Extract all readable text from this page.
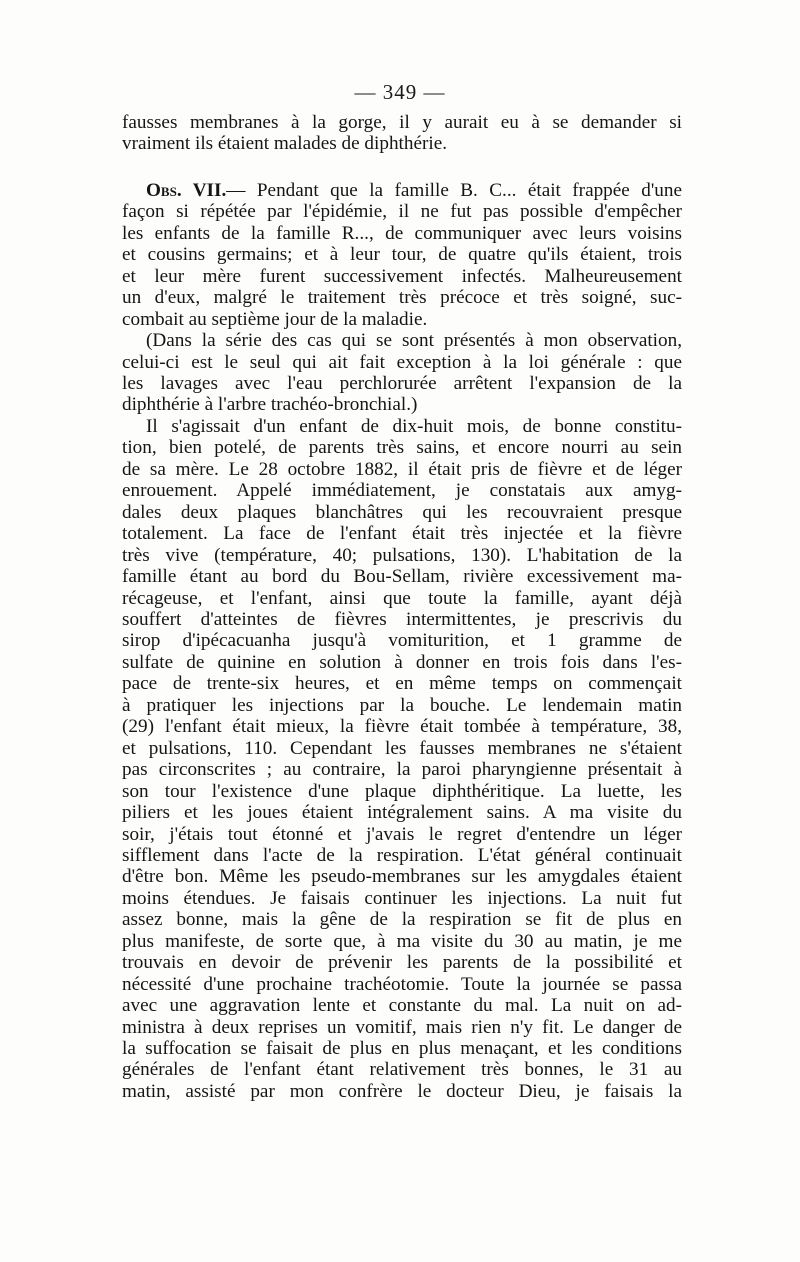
— 349 —
fausses membranes à la gorge, il y aurait eu à se demander si
vraiment ils étaient malades de diphthérie.
Obs. VII.— Pendant que la famille B. C... était frappée d'une
façon si répétée par l'épidémie, il ne fut pas possible d'empêcher
les enfants de la famille R..., de communiquer avec leurs voisins
et cousins germains; et à leur tour, de quatre qu'ils étaient, trois
et leur mère furent successivement infectés. Malheureusement
un d'eux, malgré le traitement très précoce et très soigné, suc-
combait au septième jour de la maladie.
(Dans la série des cas qui se sont présentés à mon observation,
celui-ci est le seul qui ait fait exception à la loi générale : que
les lavages avec l'eau perchlorurée arrêtent l'expansion de la
diphthérie à l'arbre trachéo-bronchial.)
Il s'agissait d'un enfant de dix-huit mois, de bonne constitu-
tion, bien potelé, de parents très sains, et encore nourri au sein
de sa mère. Le 28 octobre 1882, il était pris de fièvre et de léger
enrouement. Appelé immédiatement, je constatais aux amyg-
dales deux plaques blanchâtres qui les recouvraient presque
totalement. La face de l'enfant était très injectée et la fièvre
très vive (température, 40; pulsations, 130). L'habitation de la
famille étant au bord du Bou-Sellam, rivière excessivement ma-
récageuse, et l'enfant, ainsi que toute la famille, ayant déjà
souffert d'atteintes de fièvres intermittentes, je prescrivis du
sirop d'ipécacuanha jusqu'à vomiturition, et 1 gramme de
sulfate de quinine en solution à donner en trois fois dans l'es-
pace de trente-six heures, et en même temps on commençait
à pratiquer les injections par la bouche. Le lendemain matin
(29) l'enfant était mieux, la fièvre était tombée à température, 38,
et pulsations, 110. Cependant les fausses membranes ne s'étaient
pas circonscrites ; au contraire, la paroi pharyngienne présentait à
son tour l'existence d'une plaque diphthéritique. La luette, les
piliers et les joues étaient intégralement sains. A ma visite du
soir, j'étais tout étonné et j'avais le regret d'entendre un léger
sifflement dans l'acte de la respiration. L'état général continuait
d'être bon. Même les pseudo-membranes sur les amygdales étaient
moins étendues. Je faisais continuer les injections. La nuit fut
assez bonne, mais la gêne de la respiration se fit de plus en
plus manifeste, de sorte que, à ma visite du 30 au matin, je me
trouvais en devoir de prévenir les parents de la possibilité et
nécessité d'une prochaine trachéotomie. Toute la journée se passa
avec une aggravation lente et constante du mal. La nuit on ad-
ministra à deux reprises un vomitif, mais rien n'y fit. Le danger de
la suffocation se faisait de plus en plus menaçant, et les conditions
générales de l'enfant étant relativement très bonnes, le 31 au
matin, assisté par mon confrère le docteur Dieu, je faisais la
